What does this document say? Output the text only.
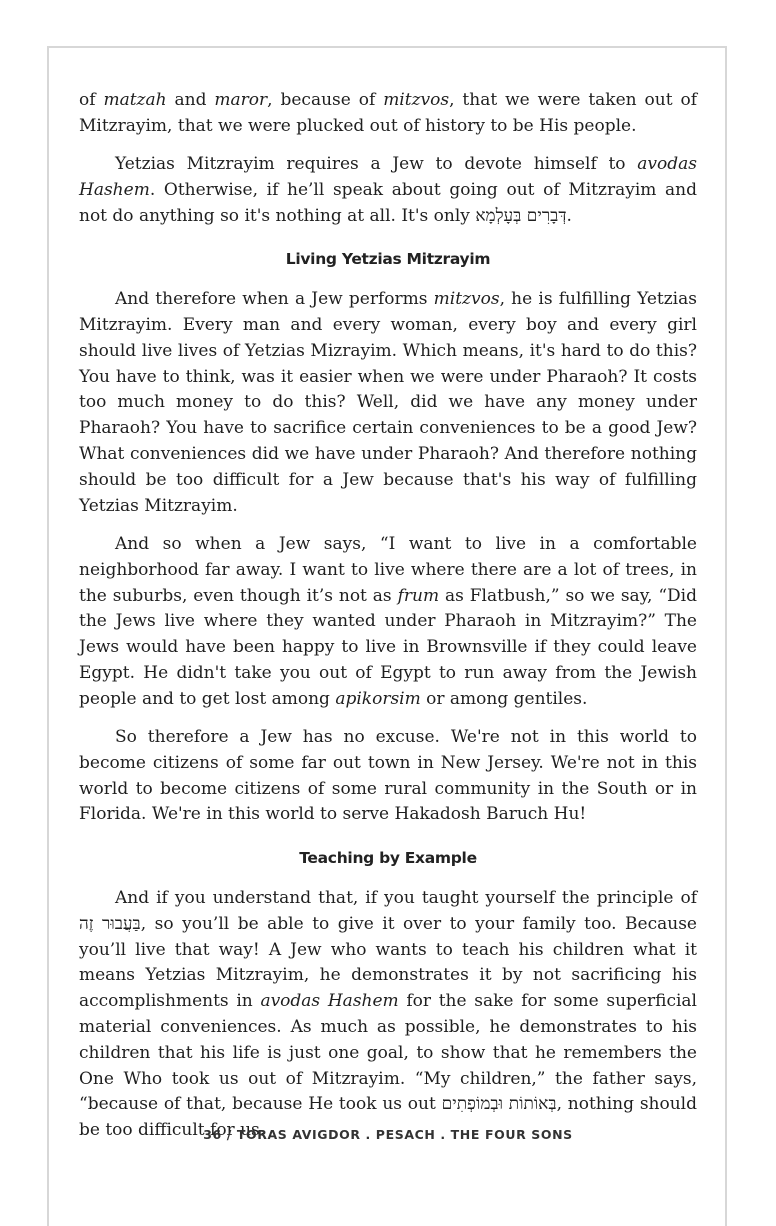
of matzah and maror, because of mitzvos, that we were taken out of Mitzrayim, that we were plucked out of history to be His people.

Yetzias Mitzrayim requires a Jew to devote himself to avodas Hashem. Otherwise, if he’ll speak about going out of Mitzrayim and not do anything so it's nothing at all. It's only דְּבָרִים בְּעָלְמָא.

Living Yetzias Mitzrayim

And therefore when a Jew performs mitzvos, he is fulfilling Yetzias Mitzrayim. Every man and every woman, every boy and every girl should live lives of Yetzias Mizrayim. Which means, it's hard to do this? You have to think, was it easier when we were under Pharaoh? It costs too much money to do this? Well, did we have any money under Pharaoh? You have to sacrifice certain conveniences to be a good Jew? What conveniences did we have under Pharaoh? And therefore nothing should be too difficult for a Jew because that's his way of fulfilling Yetzias Mitzrayim.

And so when a Jew says, “I want to live in a comfortable neighborhood far away. I want to live where there are a lot of trees, in the suburbs, even though it’s not as frum as Flatbush,” so we say, “Did the Jews live where they wanted under Pharaoh in Mitzrayim?” The Jews would have been happy to live in Brownsville if they could leave Egypt. He didn't take you out of Egypt to run away from the Jewish people and to get lost among apikorsim or among gentiles.

So therefore a Jew has no excuse. We're not in this world to become citizens of some far out town in New Jersey. We're not in this world to become citizens of some rural community in the South or in Florida. We're in this world to serve Hakadosh Baruch Hu!

Teaching by Example

And if you understand that, if you taught yourself the principle of בַּעֲבוּר זֶה, so you’ll be able to give it over to your family too. Because you’ll live that way! A Jew who wants to teach his children what it means Yetzias Mitzrayim, he demonstrates it by not sacrificing his accomplishments in avodas Hashem for the sake for some superficial material conveniences. As much as possible, he demonstrates to his children that his life is just one goal, to show that he remembers the One Who took us out of Mitzrayim. “My children,” the father says, “because of that, because He took us out בְּאוֹתוֹת וּבְמוֹפְתִים, nothing should be too difficult for us.

36 / TORAS AVIGDOR . PESACH . THE FOUR SONS
